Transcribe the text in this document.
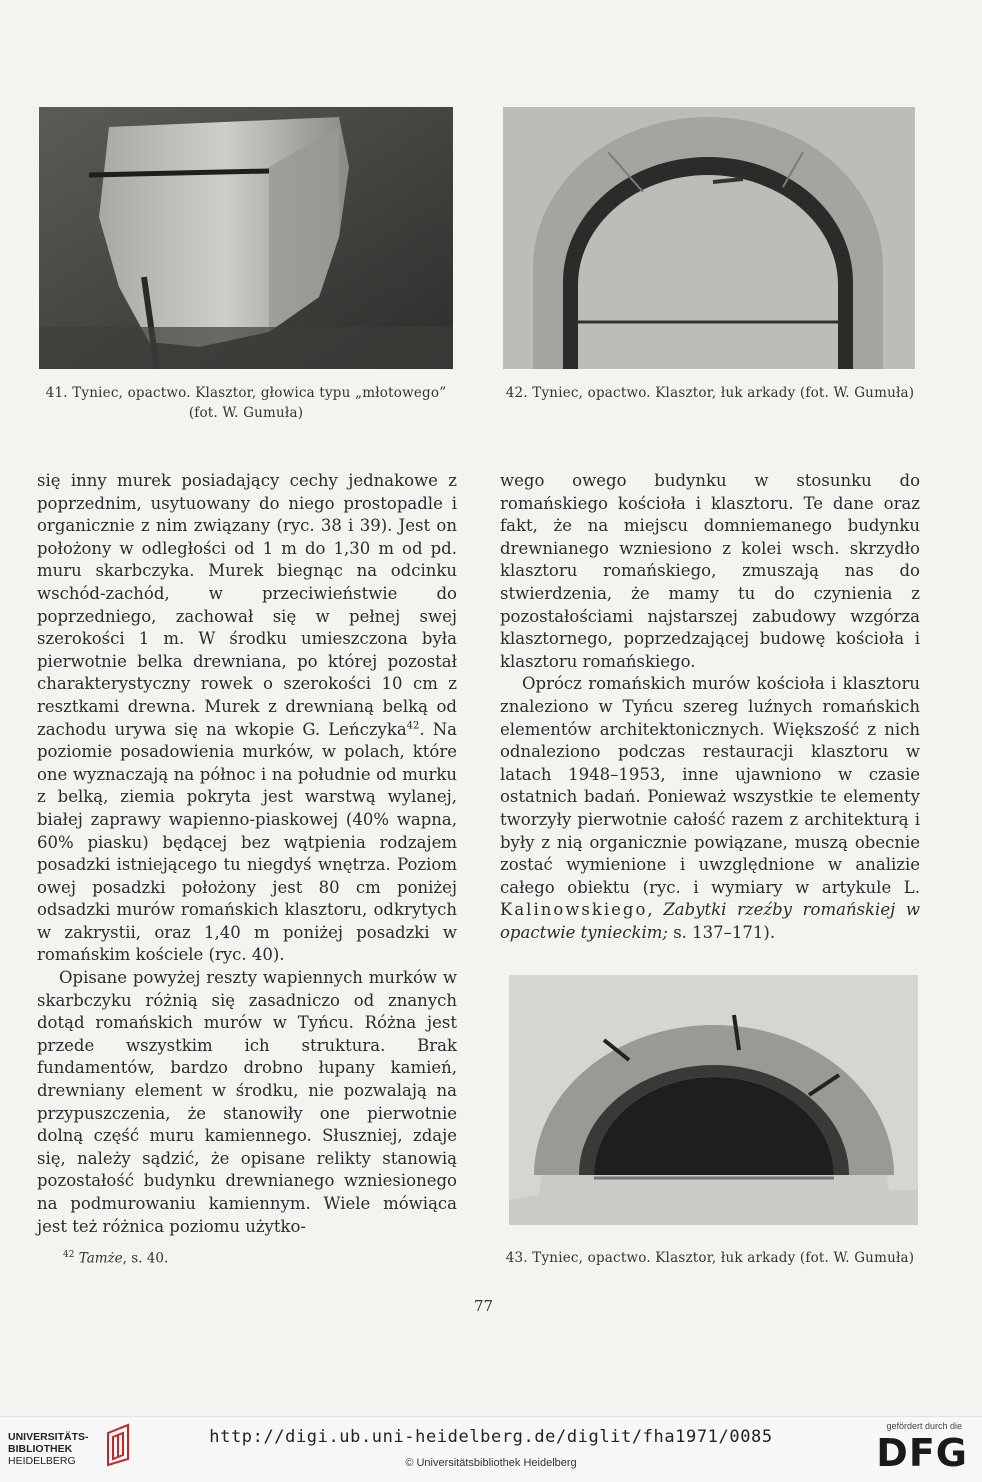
41. Tyniec, opactwo. Klasztor, głowica typu „młotowego”
(fot. W. Gumuła)
42. Tyniec, opactwo. Klasztor, łuk arkady (fot. W. Gumuła)

się inny murek posiadający cechy jednakowe z poprzednim, usytuowany do niego prostopadle i organicznie z nim związany (ryc. 38 i 39). Jest on położony w odległości od 1 m do 1,30 m od pd. muru skarbczyka. Murek biegnąc na odcinku wschód-zachód, w przeciwieństwie do poprzedniego, zachował się w pełnej swej szerokości 1 m. W środku umieszczona była pierwotnie belka drewniana, po której pozostał charakterystyczny rowek o szerokości 10 cm z resztkami drewna. Murek z drewnianą belką od zachodu urywa się na wkopie G. Leńczyka$^{42}$. Na poziomie posadowienia murków, w polach, które one wyznaczają na północ i na południe od murku z belką, ziemia pokryta jest warstwą wylanej, białej zaprawy wapienno-piaskowej (40% wapna, 60% piasku) będącej bez wątpienia rodzajem posadzki istniejącego tu niegdyś wnętrza. Poziom owej posadzki położony jest 80 cm poniżej odsadzki murów romańskich klasztoru, odkrytych w zakrystii, oraz 1,40 m poniżej posadzki w romańskim kościele (ryc. 40).

Opisane powyżej reszty wapiennych murków w skarbczyku różnią się zasadniczo od znanych dotąd romańskich murów w Tyńcu. Różna jest przede wszystkim ich struktura. Brak fundamentów, bardzo drobno łupany kamień, drewniany element w środku, nie pozwalają na przypuszczenia, że stanowiły one pierwotnie dolną część muru kamiennego. Słuszniej, zdaje się, należy sądzić, że opisane relikty stanowią pozostałość budynku drewnianego wzniesionego na podmurowaniu kamiennym. Wiele mówiąca jest też różnica poziomu użytko-

wego owego budynku w stosunku do romańskiego kościoła i klasztoru. Te dane oraz fakt, że na miejscu domniemanego budynku drewnianego wzniesiono z kolei wsch. skrzydło klasztoru romańskiego, zmuszają nas do stwierdzenia, że mamy tu do czynienia z pozostałościami najstarszej zabudowy wzgórza klasztornego, poprzedzającej budowę kościoła i klasztoru romańskiego.

Oprócz romańskich murów kościoła i klasztoru znaleziono w Tyńcu szereg luźnych romańskich elementów architektonicznych. Większość z nich odnaleziono podczas restauracji klasztoru w latach 1948–1953, inne ujawniono w czasie ostatnich badań. Ponieważ wszystkie te elementy tworzyły pierwotnie całość razem z architekturą i były z nią organicznie powiązane, muszą obecnie zostać wymienione i uwzględnione w analizie całego obiektu (ryc. i wymiary w artykule L. Kalinowskiego, Zabytki rzeźby romańskiej w opactwie tynieckim; s. 137–171).

$^{42}$ Tamże, s. 40.	43. Tyniec, opactwo. Klasztor, łuk arkady (fot. W. Gumuła)
77
UNIVERSITÄTS-
BIBLIOTHEK
HEIDELBERG
http://digi.ub.uni-heidelberg.de/diglit/fha1971/0085
© Universitätsbibliothek Heidelberg
gefördert durch die
DFG
